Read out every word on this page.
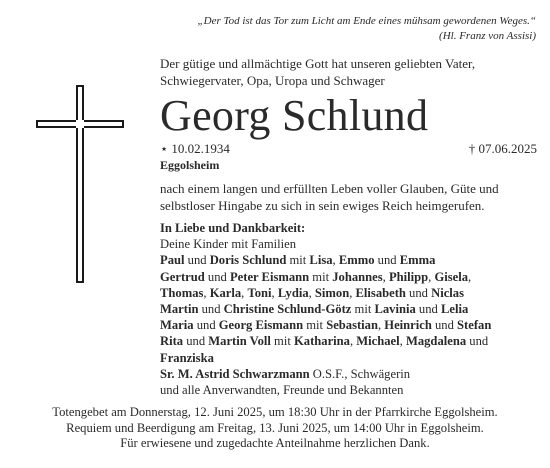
„Der Tod ist das Tor zum Licht am Ende eines mühsam gewordenen Weges.“
(Hl. Franz von Assisi)
Der gütige und allmächtige Gott hat unseren geliebten Vater,
Schwiegervater, Opa, Uropa und Schwager
Georg Schlund
⋆ 10.02.1934	† 07.06.2025
Eggolsheim
nach einem langen und erfüllten Leben voller Glauben, Güte und
selbstloser Hingabe zu sich in sein ewiges Reich heimgerufen.
In Liebe und Dankbarkeit:
Deine Kinder mit Familien
Paul und Doris Schlund mit Lisa, Emmo und Emma
Gertrud und Peter Eismann mit Johannes, Philipp, Gisela,
Thomas, Karla, Toni, Lydia, Simon, Elisabeth und Niclas
Martin und Christine Schlund-Götz mit Lavinia und Lelia
Maria und Georg Eismann mit Sebastian, Heinrich und Stefan
Rita und Martin Voll mit Katharina, Michael, Magdalena und
Franziska
Sr. M. Astrid Schwarzmann O.S.F., Schwägerin
und alle Anverwandten, Freunde und Bekannten
Totengebet am Donnerstag, 12. Juni 2025, um 18:30 Uhr in der Pfarrkirche Eggolsheim.
Requiem und Beerdigung am Freitag, 13. Juni 2025, um 14:00 Uhr in Eggolsheim.
Für erwiesene und zugedachte Anteilnahme herzlichen Dank.
